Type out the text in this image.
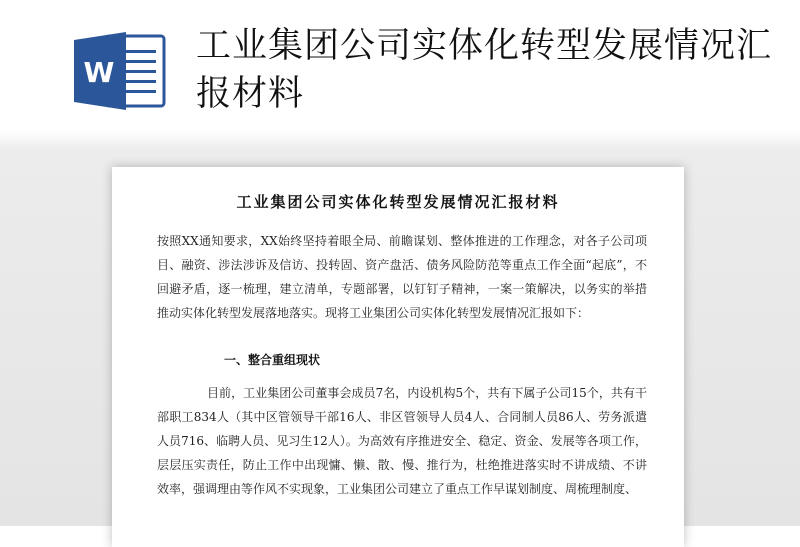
W
工业集团公司实体化转型发展情况汇报材料
工业集团公司实体化转型发展情况汇报材料

按照XX通知要求，XX始终坚持着眼全局、前瞻谋划、整体推进的工作理念，对各子公司项目、融资、涉法涉诉及信访、投转固、资产盘活、债务风险防范等重点工作全面“起底”，不回避矛盾，逐一梳理，建立清单，专题部署，以钉钉子精神，一案一策解决，以务实的举措推动实体化转型发展落地落实。现将工业集团公司实体化转型发展情况汇报如下：

一、整合重组现状

目前，工业集团公司董事会成员7名，内设机构5个，共有下属子公司15个，共有干部职工834人（其中区管领导干部16人、非区管领导人员4人、合同制人员86人、劳务派遣人员716、临聘人员、见习生12人）。为高效有序推进安全、稳定、资金、发展等各项工作，层层压实责任，防止工作中出现慵、懒、散、慢、推行为，杜绝推进落实时不讲成绩、不讲效率，强调理由等作风不实现象，工业集团公司建立了重点工作早谋划制度、周梳理制度、
